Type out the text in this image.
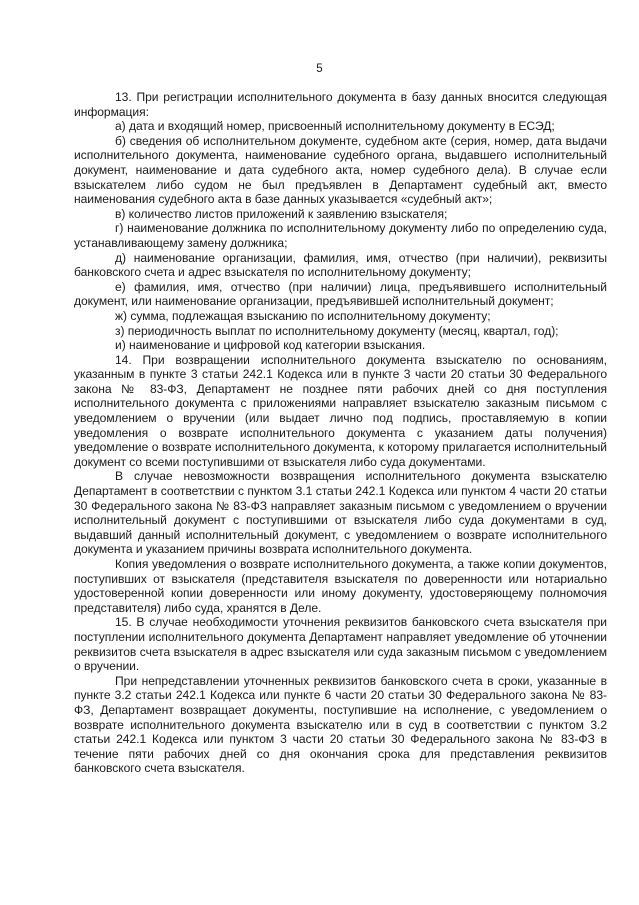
5

13. При регистрации исполнительного документа в базу данных вносится следующая информация:

а) дата и входящий номер, присвоенный исполнительному документу в ЕСЭД;

б) сведения об исполнительном документе, судебном акте (серия, номер, дата выдачи исполнительного документа, наименование судебного органа, выдавшего исполнительный документ, наименование и дата судебного акта, номер судебного дела). В случае если взыскателем либо судом не был предъявлен в Департамент судебный акт, вместо наименования судебного акта в базе данных указывается «судебный акт»;

в) количество листов приложений к заявлению взыскателя;

г) наименование должника по исполнительному документу либо по определению суда, устанавливающему замену должника;

д) наименование организации, фамилия, имя, отчество (при наличии), реквизиты банковского счета и адрес взыскателя по исполнительному документу;

е) фамилия, имя, отчество (при наличии) лица, предъявившего исполнительный документ, или наименование организации, предъявившей исполнительный документ;

ж) сумма, подлежащая взысканию по исполнительному документу;

з) периодичность выплат по исполнительному документу (месяц, квартал, год);

и) наименование и цифровой код категории взыскания.

14. При возвращении исполнительного документа взыскателю по основаниям, указанным в пункте 3 статьи 242.1 Кодекса или в пункте 3 части 20 статьи 30 Федерального закона № 83-ФЗ, Департамент не позднее пяти рабочих дней со дня поступления исполнительного документа с приложениями направляет взыскателю заказным письмом с уведомлением о вручении (или выдает лично под подпись, проставляемую в копии уведомления о возврате исполнительного документа с указанием даты получения) уведомление о возврате исполнительного документа, к которому прилагается исполнительный документ со всеми поступившими от взыскателя либо суда документами.

В случае невозможности возвращения исполнительного документа взыскателю Департамент в соответствии с пунктом 3.1 статьи 242.1 Кодекса или пунктом 4 части 20 статьи 30 Федерального закона № 83-ФЗ направляет заказным письмом с уведомлением о вручении исполнительный документ с поступившими от взыскателя либо суда документами в суд, выдавший данный исполнительный документ, с уведомлением о возврате исполнительного документа и указанием причины возврата исполнительного документа.

Копия уведомления о возврате исполнительного документа, а также копии документов, поступивших от взыскателя (представителя взыскателя по доверенности или нотариально удостоверенной копии доверенности или иному документу, удостоверяющему полномочия представителя) либо суда, хранятся в Деле.

15. В случае необходимости уточнения реквизитов банковского счета взыскателя при поступлении исполнительного документа Департамент направляет уведомление об уточнении реквизитов счета взыскателя в адрес взыскателя или суда заказным письмом с уведомлением о вручении.

При непредставлении уточненных реквизитов банковского счета в сроки, указанные в пункте 3.2 статьи 242.1 Кодекса или пункте 6 части 20 статьи 30 Федерального закона № 83-ФЗ, Департамент возвращает документы, поступившие на исполнение, с уведомлением о возврате исполнительного документа взыскателю или в суд в соответствии с пунктом 3.2 статьи 242.1 Кодекса или пунктом 3 части 20 статьи 30 Федерального закона № 83-ФЗ в течение пяти рабочих дней со дня окончания срока для представления реквизитов банковского счета взыскателя.
